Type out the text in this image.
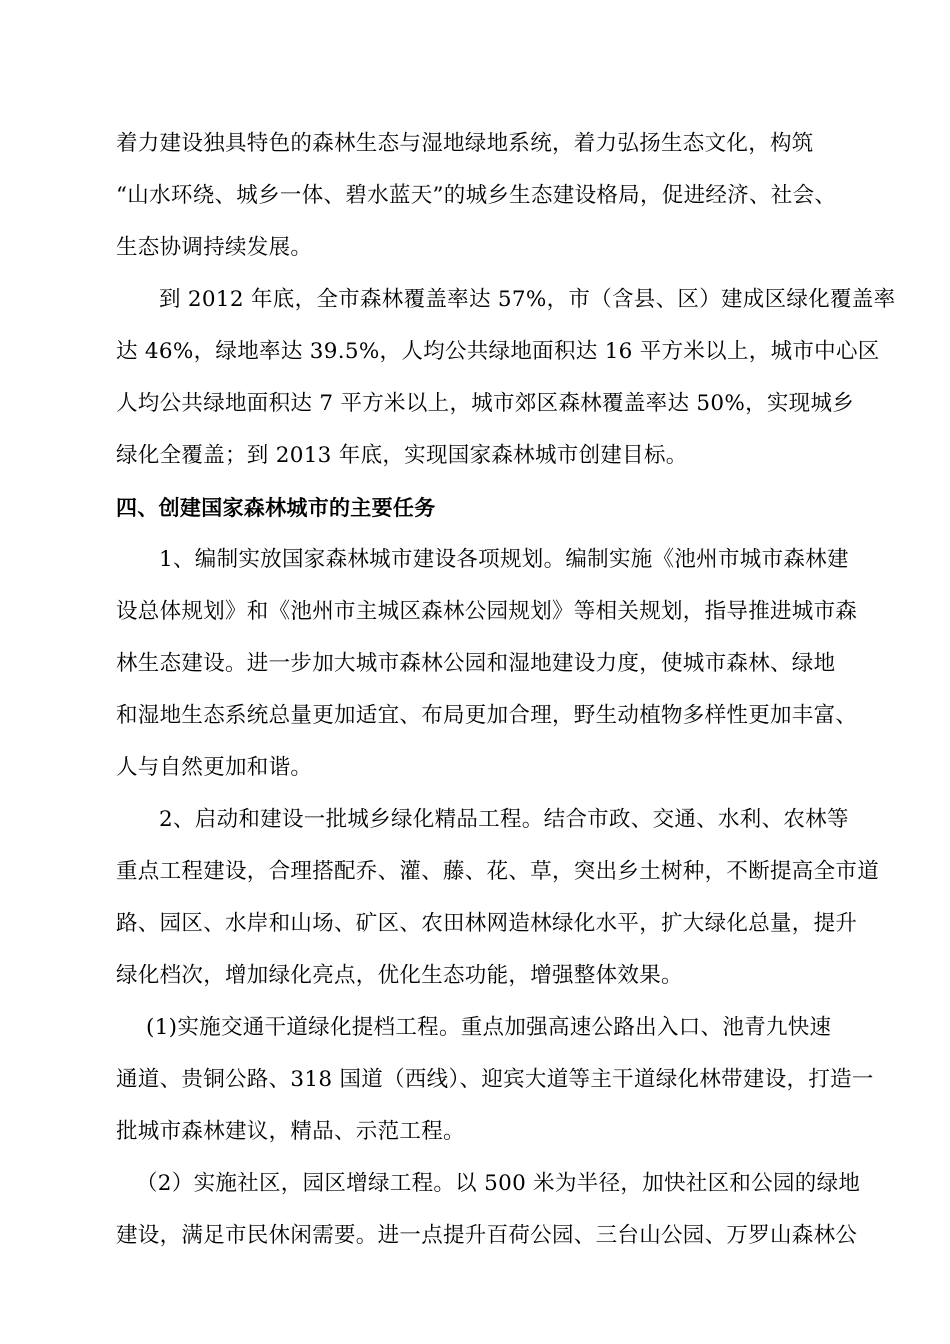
着力建设独具特色的森林生态与湿地绿地系统，着力弘扬生态文化，构筑
“山水环绕、城乡一体、碧水蓝天”的城乡生态建设格局，促进经济、社会、
生态协调持续发展。
到 2012 年底，全市森林覆盖率达 57%，市（含县、区）建成区绿化覆盖率
达 46%，绿地率达 39.5%，人均公共绿地面积达 16 平方米以上，城市中心区
人均公共绿地面积达 7 平方米以上，城市郊区森林覆盖率达 50%，实现城乡
绿化全覆盖；到 2013 年底，实现国家森林城市创建目标。
四、创建国家森林城市的主要任务
1、编制实放国家森林城市建设各项规划。编制实施《池州市城市森林建
设总体规划》和《池州市主城区森林公园规划》等相关规划，指导推进城市森
林生态建设。进一步加大城市森林公园和湿地建设力度，使城市森林、绿地
和湿地生态系统总量更加适宜、布局更加合理，野生动植物多样性更加丰富、
人与自然更加和谐。
2、启动和建设一批城乡绿化精品工程。结合市政、交通、水利、农林等
重点工程建设，合理搭配乔、灌、藤、花、草，突出乡土树种，不断提高全市道
路、园区、水岸和山场、矿区、农田林网造林绿化水平，扩大绿化总量，提升
绿化档次，增加绿化亮点，优化生态功能，增强整体效果。
(1)实施交通干道绿化提档工程。重点加强高速公路出入口、池青九快速
通道、贵铜公路、318 国道（西线）、迎宾大道等主干道绿化林带建设，打造一
批城市森林建议，精品、示范工程。
（2）实施社区，园区增绿工程。以 500 米为半径，加快社区和公园的绿地
建设，满足市民休闲需要。进一点提升百荷公园、三台山公园、万罗山森林公
